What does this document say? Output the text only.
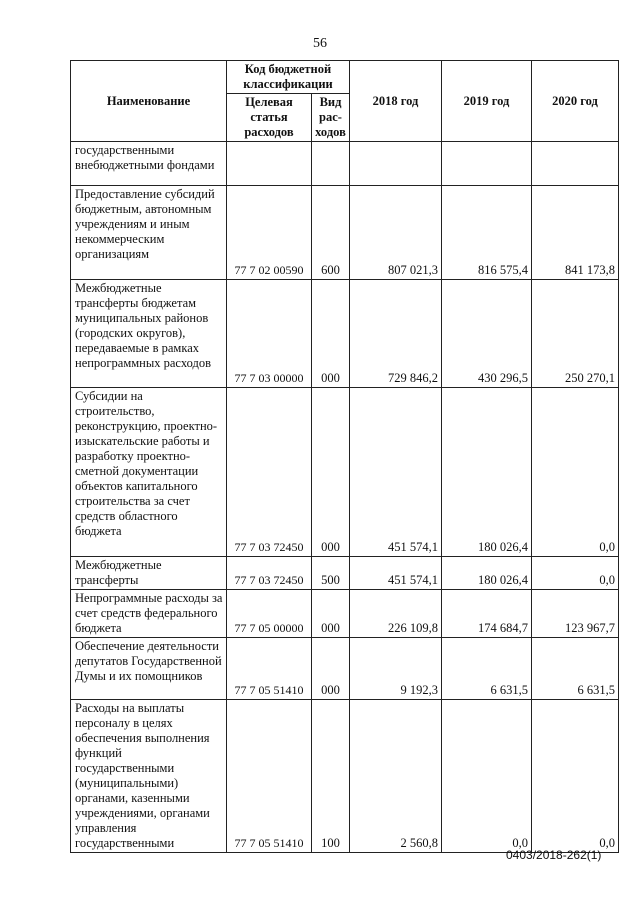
56
Наименование	Код бюджетной классификации		2018 год	2019 год	2020 год
	Целевая статья расходов	Вид рас-ходов			
государственными внебюджетными фондами					
Предоставление субсидий бюджетным, автономным учреждениям и иным некоммерческим организациям	77 7 02 00590	600	807 021,3	816 575,4	841 173,8
Межбюджетные трансферты бюджетам муниципальных районов (городских округов), передаваемые в рамках непрограммных расходов	77 7 03 00000	000	729 846,2	430 296,5	250 270,1
Субсидии на строительство, реконструкцию, проектно-изыскательские работы и разработку проектно-сметной документации объектов капитального строительства за счет средств областного бюджета	77 7 03 72450	000	451 574,1	180 026,4	0,0
Межбюджетные трансферты	77 7 03 72450	500	451 574,1	180 026,4	0,0
Непрограммные расходы за счет средств федерального бюджета	77 7 05 00000	000	226 109,8	174 684,7	123 967,7
Обеспечение деятельности депутатов Государственной Думы и их помощников	77 7 05 51410	000	9 192,3	6 631,5	6 631,5
Расходы на выплаты персоналу в целях обеспечения выполнения функций государственными (муниципальными) органами, казенными учреждениями, органами управления государственными	77 7 05 51410	100	2 560,8	0,0	0,0
0403/2018-262(1)
